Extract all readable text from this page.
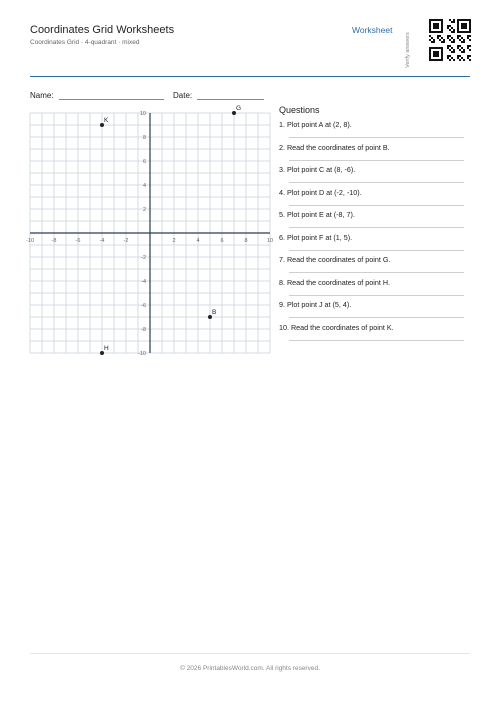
Coordinates Grid Worksheets
Coordinates Grid · 4-quadrant · mixed
Worksheet
Verify answers
Name:	Date:
-10	-8	-6	-4	-2	2	4	6	8	10
10
8
6
4
2
-2
-4
-6
-8
-10
K
G
B
H
Questions
1. Plot point A at (2, 8).
2. Read the coordinates of point B.
3. Plot point C at (8, -6).
4. Plot point D at (-2, -10).
5. Plot point E at (-8, 7).
6. Plot point F at (1, 5).
7. Read the coordinates of point G.
8. Read the coordinates of point H.
9. Plot point J at (5, 4).
10. Read the coordinates of point K.
© 2026 PrintablesWorld.com. All rights reserved.
